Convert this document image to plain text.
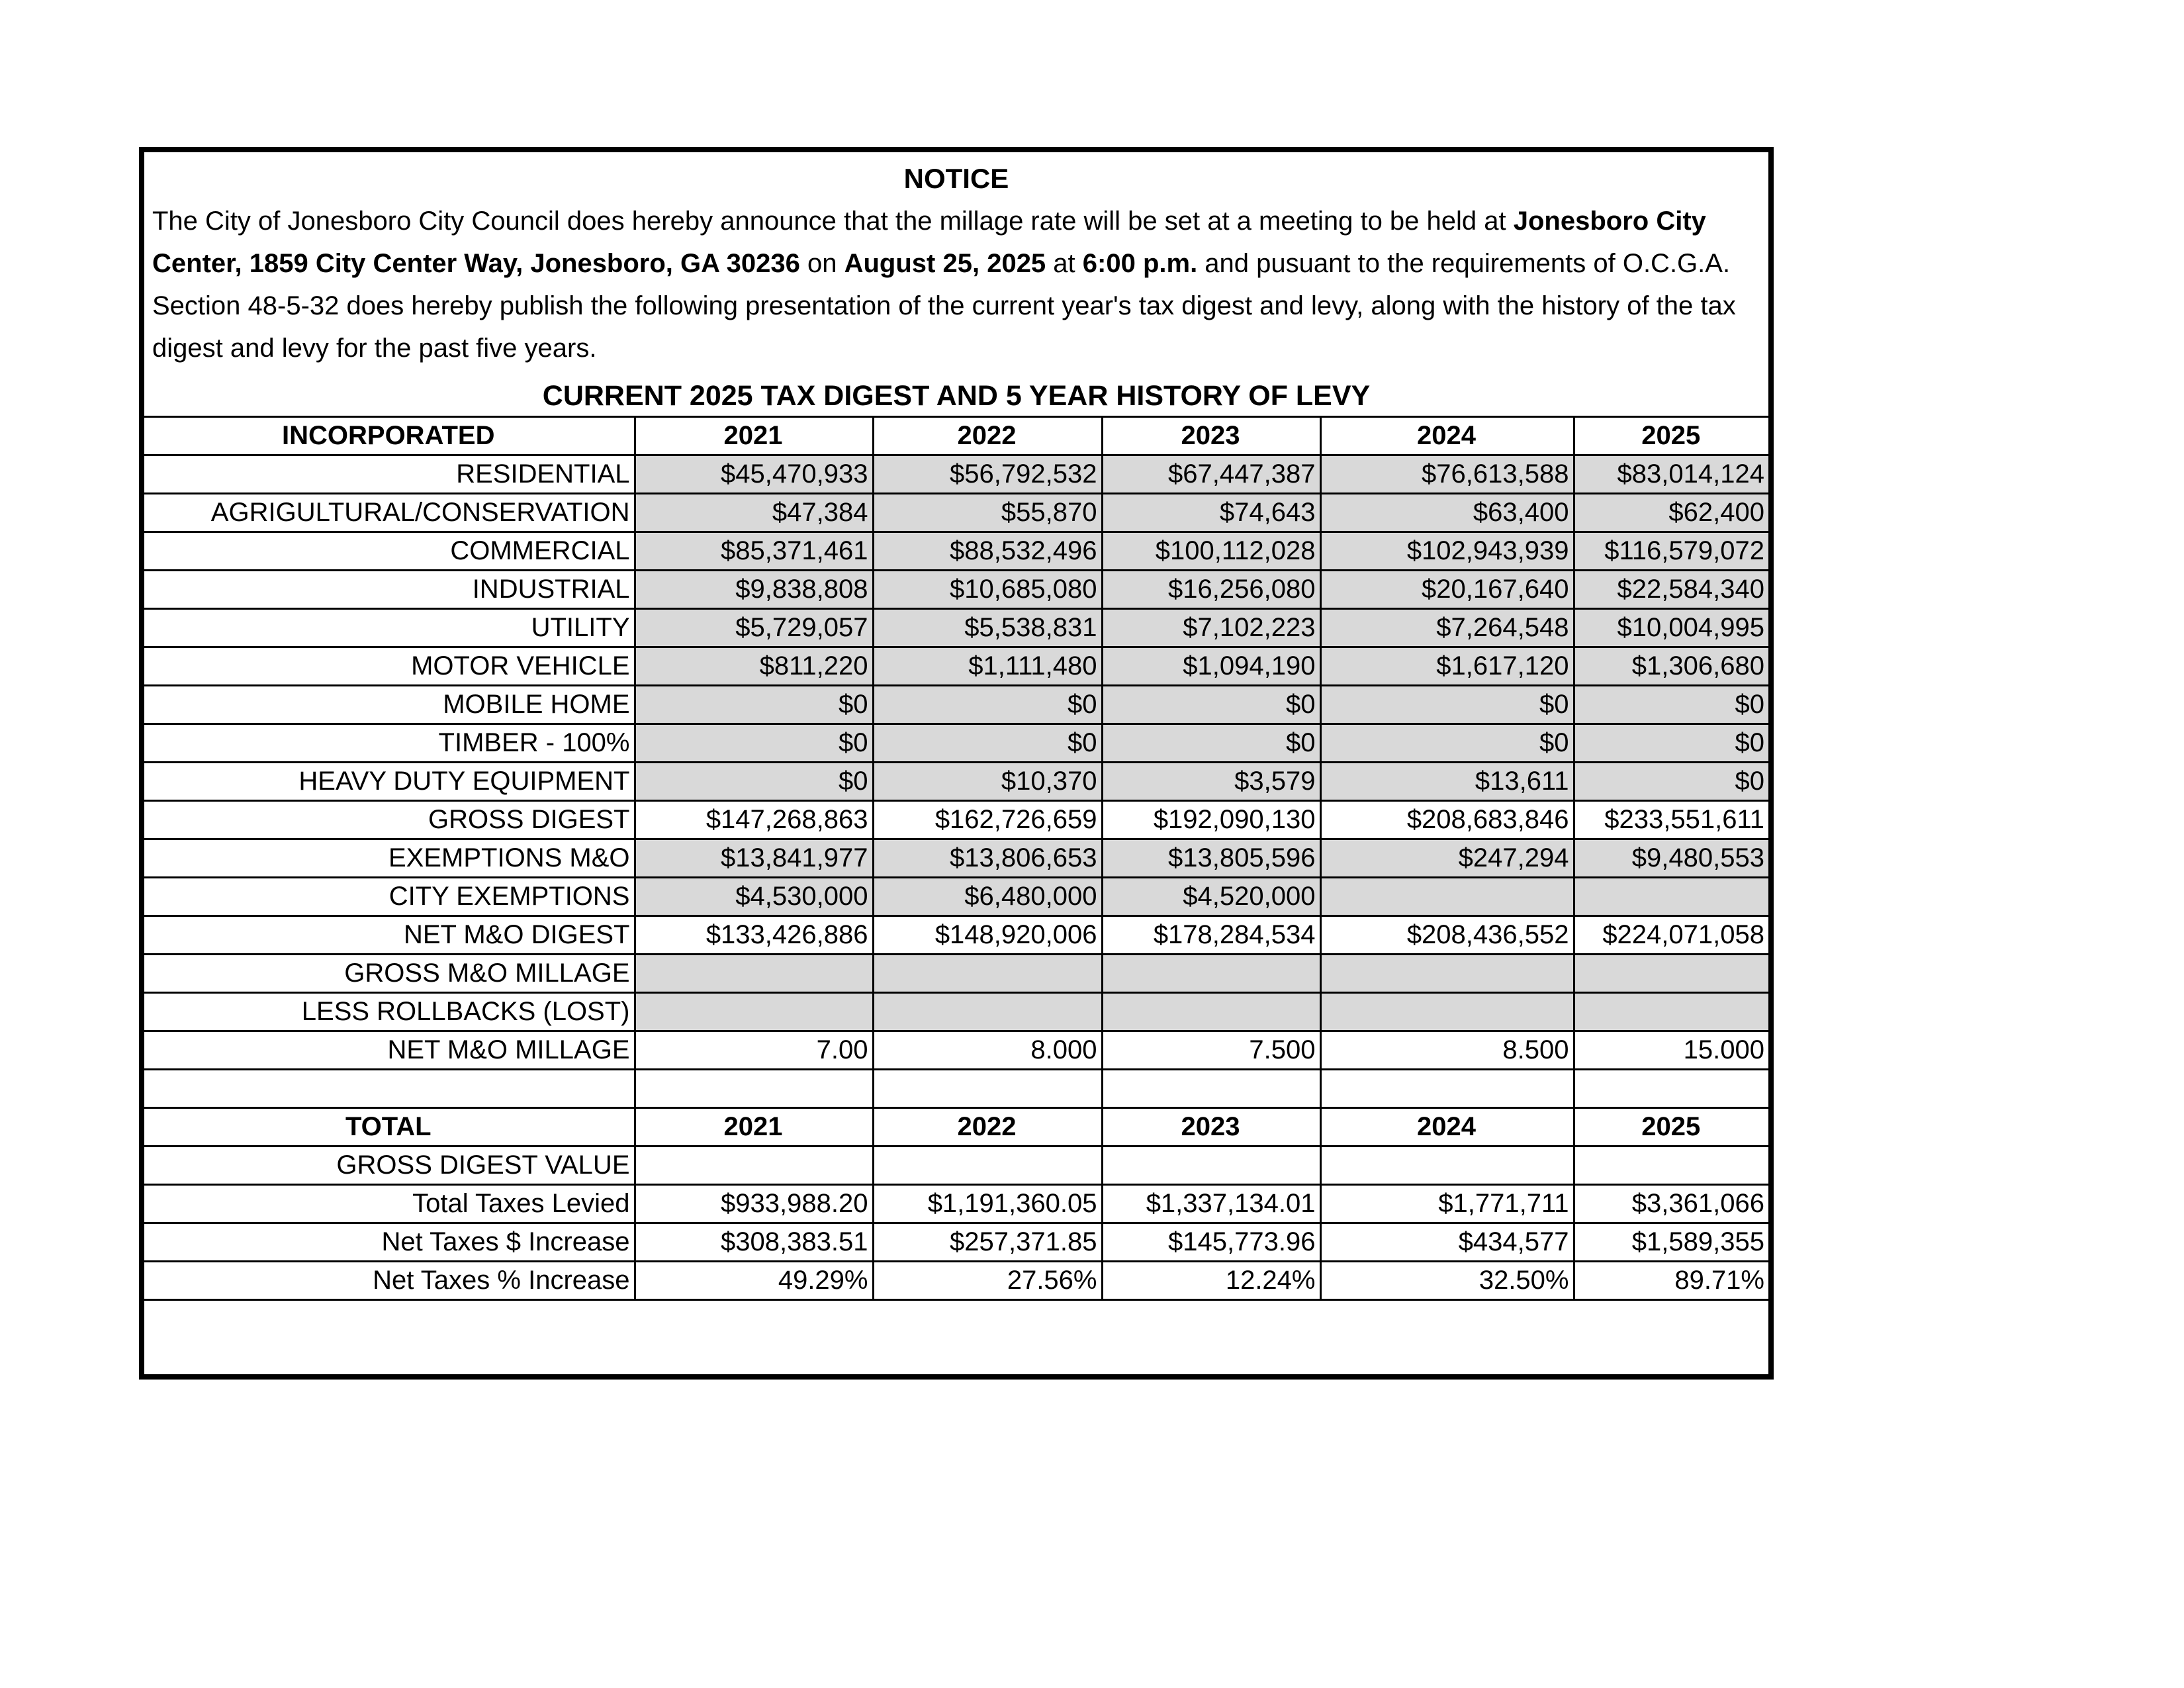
NOTICE
The City of Jonesboro City Council does hereby announce that the millage rate will be set at a meeting to be held at Jonesboro City Center, 1859 City Center Way, Jonesboro, GA 30236 on August 25, 2025 at 6:00 p.m. and pusuant to the requirements of O.C.G.A. Section 48-5-32 does hereby publish the following presentation of the current year's tax digest and levy, along with the history of the tax digest and levy for the past five years.
CURRENT 2025 TAX DIGEST AND 5 YEAR HISTORY OF LEVY
INCORPORATED	2021	2022	2023	2024	2025
RESIDENTIAL	$45,470,933	$56,792,532	$67,447,387	$76,613,588	$83,014,124
AGRIGULTURAL/CONSERVATION	$47,384	$55,870	$74,643	$63,400	$62,400
COMMERCIAL	$85,371,461	$88,532,496	$100,112,028	$102,943,939	$116,579,072
INDUSTRIAL	$9,838,808	$10,685,080	$16,256,080	$20,167,640	$22,584,340
UTILITY	$5,729,057	$5,538,831	$7,102,223	$7,264,548	$10,004,995
MOTOR VEHICLE	$811,220	$1,111,480	$1,094,190	$1,617,120	$1,306,680
MOBILE HOME	$0	$0	$0	$0	$0
TIMBER - 100%	$0	$0	$0	$0	$0
HEAVY DUTY EQUIPMENT	$0	$10,370	$3,579	$13,611	$0
GROSS DIGEST	$147,268,863	$162,726,659	$192,090,130	$208,683,846	$233,551,611
EXEMPTIONS M&O	$13,841,977	$13,806,653	$13,805,596	$247,294	$9,480,553
CITY EXEMPTIONS	$4,530,000	$6,480,000	$4,520,000		
NET M&O DIGEST	$133,426,886	$148,920,006	$178,284,534	$208,436,552	$224,071,058
GROSS M&O MILLAGE					
LESS ROLLBACKS (LOST)					
NET M&O MILLAGE	7.00	8.000	7.500	8.500	15.000

TOTAL	2021	2022	2023	2024	2025
GROSS DIGEST VALUE					
Total Taxes Levied	$933,988.20	$1,191,360.05	$1,337,134.01	$1,771,711	$3,361,066
Net Taxes $ Increase	$308,383.51	$257,371.85	$145,773.96	$434,577	$1,589,355
Net Taxes % Increase	49.29%	27.56%	12.24%	32.50%	89.71%
